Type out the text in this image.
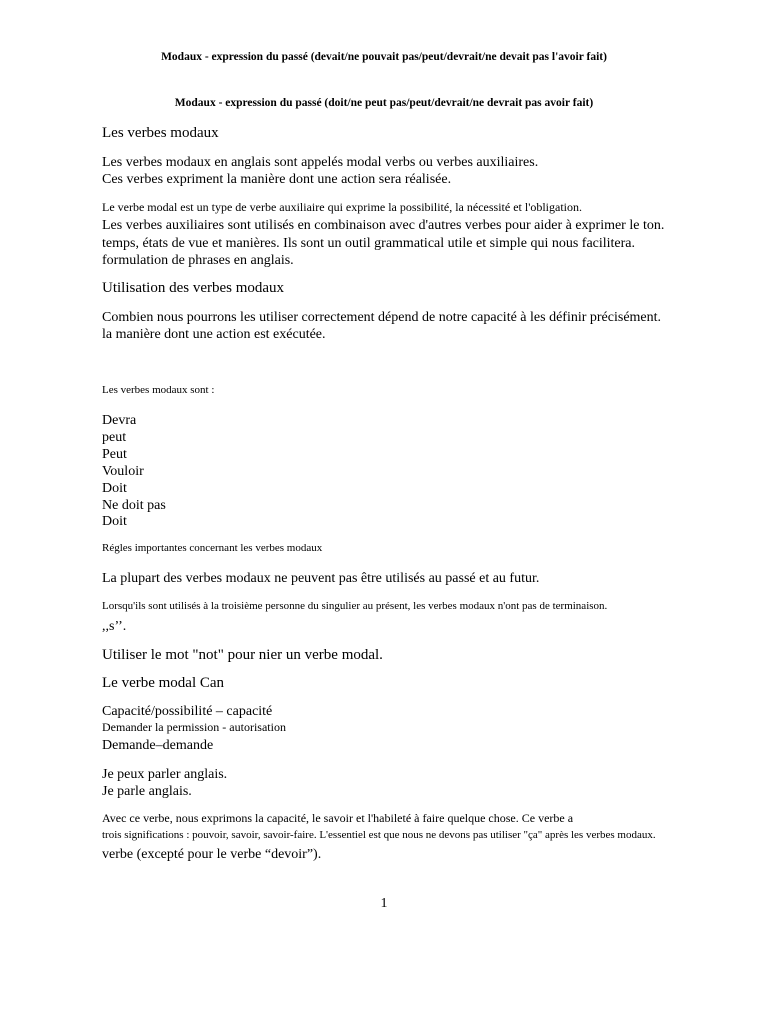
Modaux - expression du passé (devait/ne pouvait pas/peut/devrait/ne devait pas l'avoir fait)
Modaux - expression du passé (doit/ne peut pas/peut/devrait/ne devrait pas avoir fait)
Les verbes modaux
Les verbes modaux en anglais sont appelés modal verbs ou verbes auxiliaires.
Ces verbes expriment la manière dont une action sera réalisée.
Le verbe modal est un type de verbe auxiliaire qui exprime la possibilité, la nécessité et l'obligation.
Les verbes auxiliaires sont utilisés en combinaison avec d'autres verbes pour aider à exprimer le ton.
temps, états de vue et manières. Ils sont un outil grammatical utile et simple qui nous facilitera.
formulation de phrases en anglais.
Utilisation des verbes modaux
Combien nous pourrons les utiliser correctement dépend de notre capacité à les définir précisément.
la manière dont une action est exécutée.
Les verbes modaux sont :
Devra
peut
Peut
Vouloir
Doit
Ne doit pas
Doit
Régles importantes concernant les verbes modaux
La plupart des verbes modaux ne peuvent pas être utilisés au passé et au futur.
Lorsqu'ils sont utilisés à la troisième personne du singulier au présent, les verbes modaux n'ont pas de terminaison.
,,s’’.
Utiliser le mot "not" pour nier un verbe modal.
Le verbe modal Can
Capacité/possibilité – capacité
Demander la permission - autorisation
Demande–demande
Je peux parler anglais.
Je parle anglais.
Avec ce verbe, nous exprimons la capacité, le savoir et l'habileté à faire quelque chose. Ce verbe a
trois significations : pouvoir, savoir, savoir-faire. L'essentiel est que nous ne devons pas utiliser "ça" après les verbes modaux.
verbe (excepté pour le verbe “devoir”).
1
